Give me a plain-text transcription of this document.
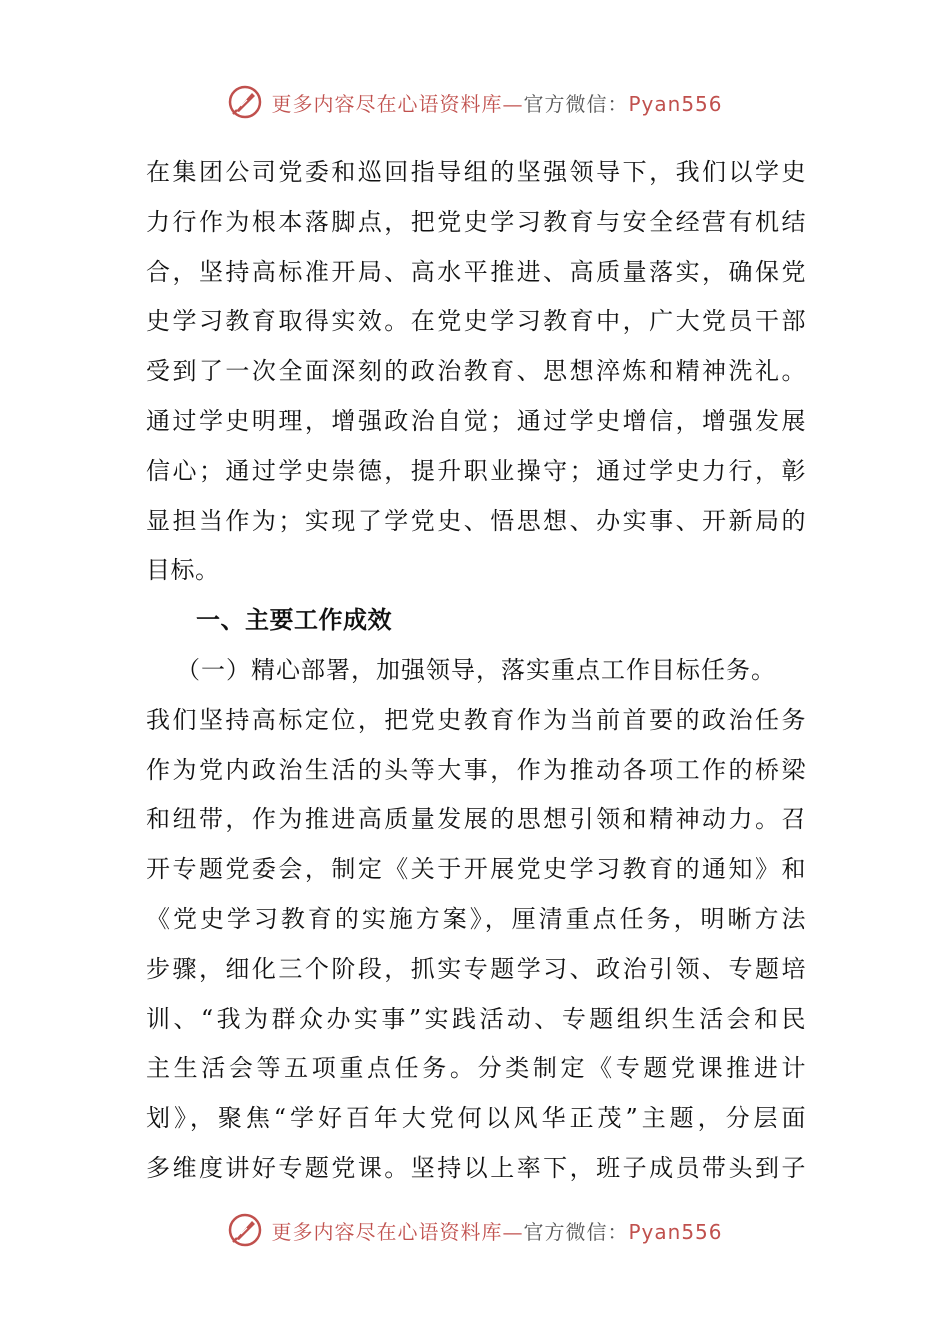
更多内容尽在心语资料库—官方微信：Pyan556
在集团公司党委和巡回指导组的坚强领导下，我们以学史
力行作为根本落脚点，把党史学习教育与安全经营有机结
合，坚持高标准开局、高水平推进、高质量落实，确保党
史学习教育取得实效。在党史学习教育中，广大党员干部
受到了一次全面深刻的政治教育、思想淬炼和精神洗礼。
通过学史明理，增强政治自觉；通过学史增信，增强发展
信心；通过学史崇德，提升职业操守；通过学史力行，彰
显担当作为；实现了学党史、悟思想、办实事、开新局的
目标。
一、主要工作成效
（一）精心部署，加强领导，落实重点工作目标任务。
我们坚持高标定位，把党史教育作为当前首要的政治任务
作为党内政治生活的头等大事，作为推动各项工作的桥梁
和纽带，作为推进高质量发展的思想引领和精神动力。召
开专题党委会，制定《关于开展党史学习教育的通知》和
《党史学习教育的实施方案》，厘清重点任务，明晰方法
步骤，细化三个阶段，抓实专题学习、政治引领、专题培
训、“我为群众办实事”实践活动、专题组织生活会和民
主生活会等五项重点任务。分类制定《专题党课推进计
划》，聚焦“学好百年大党何以风华正茂”主题，分层面
多维度讲好专题党课。坚持以上率下，班子成员带头到子
更多内容尽在心语资料库—官方微信：Pyan556
